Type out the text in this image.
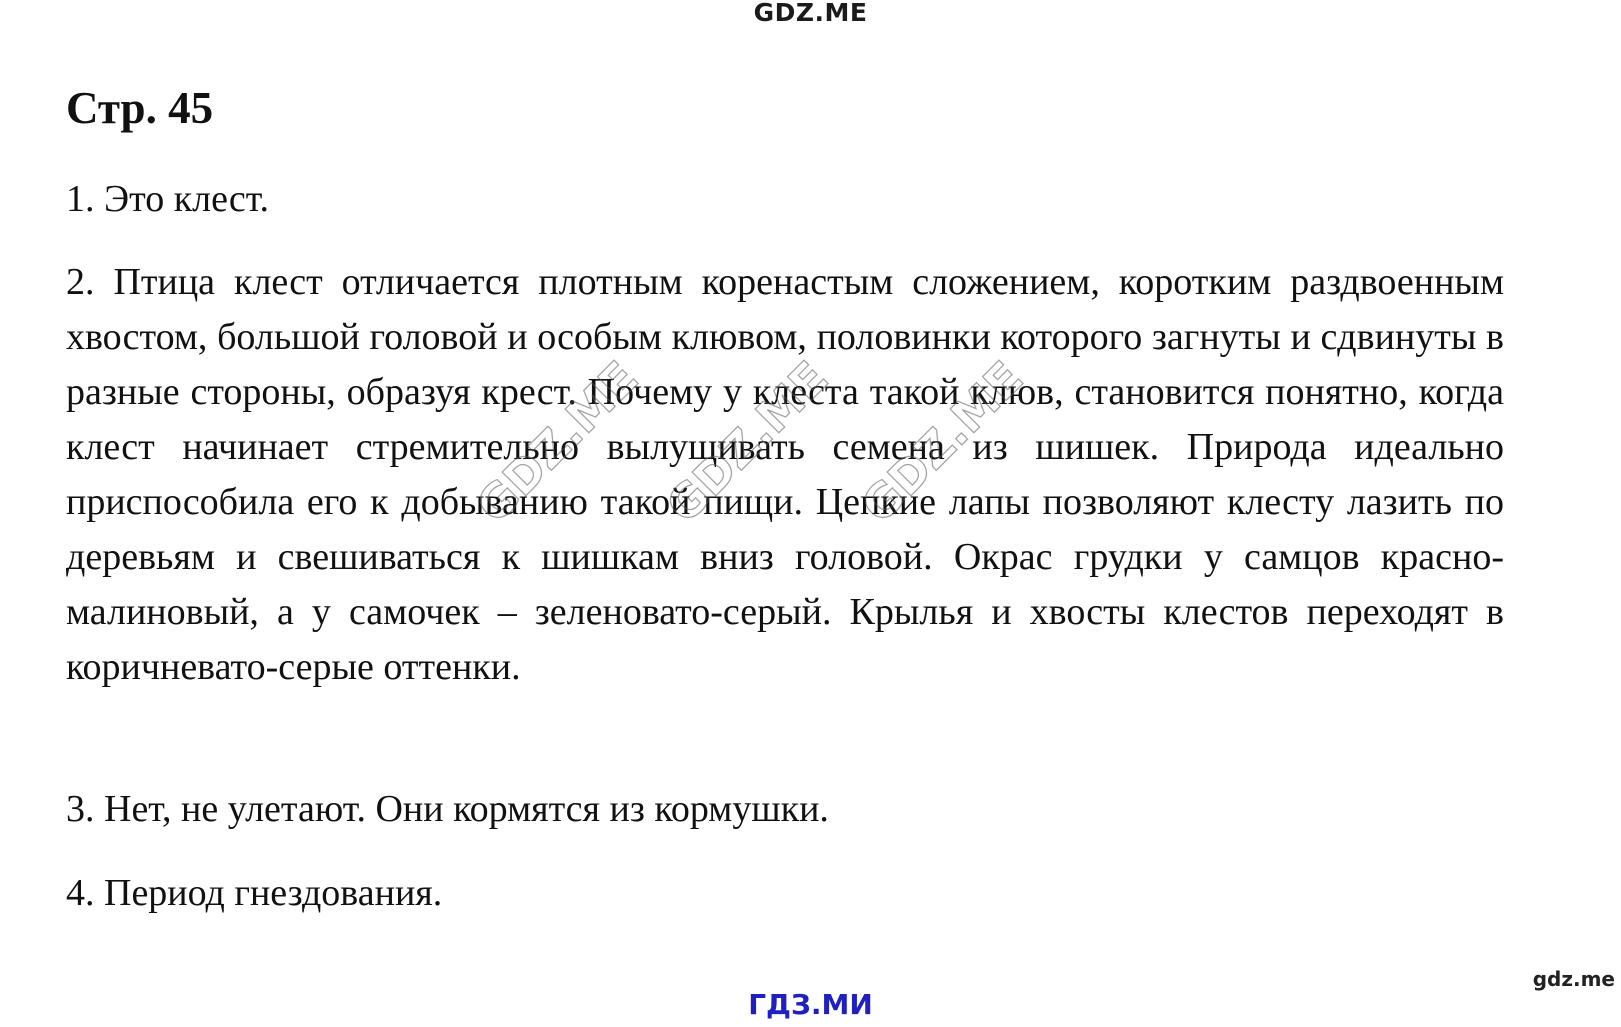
GDZ.ME
Стр. 45

1. Это клест.

2. Птица клест отличается плотным коренастым сложением, коротким раздвоенным хвостом, большой головой и особым клювом, половинки которого загнуты и сдвинуты в разные стороны, образуя крест. Почему у клеста такой клюв, становится понятно, когда клест начинает стремительно вылущивать семена из шишек. Природа идеально приспособила его к добыванию такой пищи. Цепкие лапы позволяют клесту лазить по деревьям и свешиваться к шишкам вниз головой. Окрас грудки у самцов красно-малиновый, а у самочек – зеленовато-серый. Крылья и хвосты клестов переходят в коричневато-серые оттенки.

3. Нет, не улетают. Они кормятся из кормушки.

4. Период гнездования.

GDZ.ME GDZ.ME GDZ.ME
ГДЗ.МИ
gdz.me
